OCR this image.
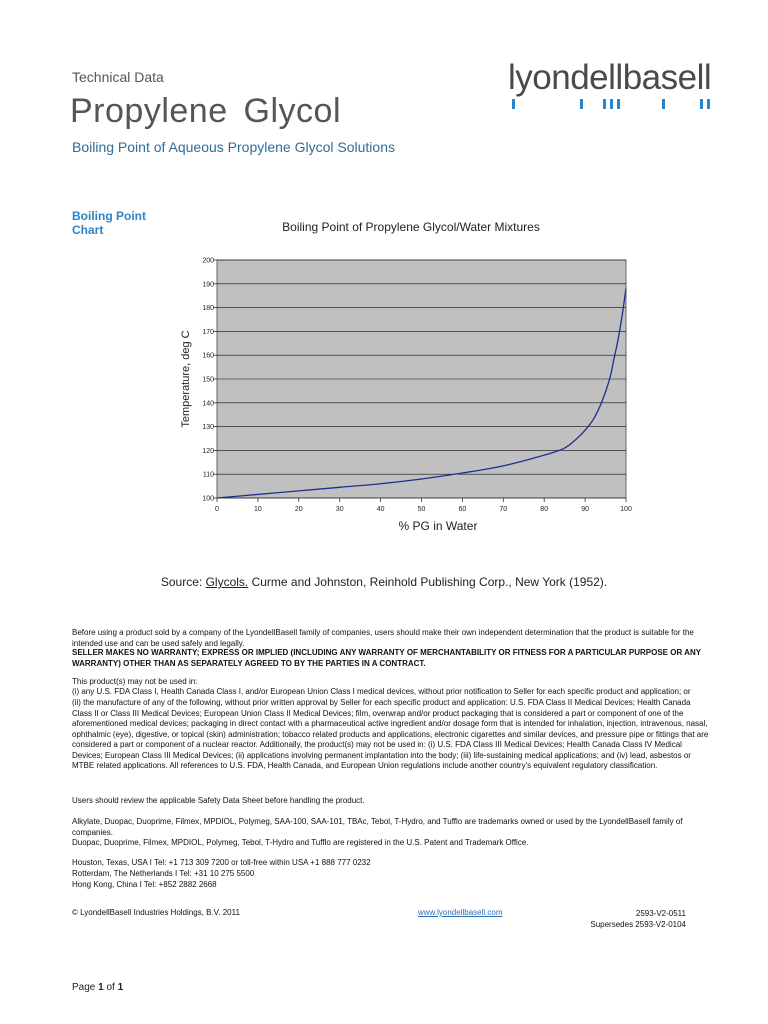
Technical Data
Propylene Glycol
Boiling Point of Aqueous Propylene Glycol Solutions
lyondellbasell
Boiling Point
Chart	Boiling Point of Propylene Glycol/Water Mixtures
100
110
120
130
140
150
160
170
180
190
200
0	10	20	30	40	50	60	70	80	90	100
Temperature, deg C
% PG in Water
Source: Glycols. Curme and Johnston, Reinhold Publishing Corp., New York (1952).
Before using a product sold by a company of the LyondellBasell family of companies, users should make their own independent determination that the product is suitable for the intended use and can be used safely and legally.
SELLER MAKES NO WARRANTY; EXPRESS OR IMPLIED (INCLUDING ANY WARRANTY OF MERCHANTABILITY OR FITNESS FOR A PARTICULAR PURPOSE OR ANY WARRANTY) OTHER THAN AS SEPARATELY AGREED TO BY THE PARTIES IN A CONTRACT.
This product(s) may not be used in:
(i) any U.S. FDA Class I, Health Canada Class I, and/or European Union Class I medical devices, without prior notification to Seller for each specific product and application; or
(ii) the manufacture of any of the following, without prior written approval by Seller for each specific product and application: U.S. FDA Class II Medical Devices; Health Canada Class II or Class III Medical Devices; European Union Class II Medical Devices; film, overwrap and/or product packaging that is considered a part or component of one of the aforementioned medical devices; packaging in direct contact with a pharmaceutical active ingredient and/or dosage form that is intended for inhalation, injection, intravenous, nasal, ophthalmic (eye), digestive, or topical (skin) administration; tobacco related products and applications, electronic cigarettes and similar devices, and pressure pipe or fittings that are considered a part or component of a nuclear reactor. Additionally, the product(s) may not be used in: (i) U.S. FDA Class III Medical Devices; Health Canada Class IV Medical Devices; European Class III Medical Devices; (ii) applications involving permanent implantation into the body; (iii) life-sustaining medical applications; and (iv) lead, asbestos or MTBE related applications. All references to U.S. FDA, Health Canada, and European Union regulations include another country's equivalent regulatory classification.
Users should review the applicable Safety Data Sheet before handling the product.
Alkylate, Duopac, Duoprime, Filmex, MPDIOL, Polymeg, SAA-100, SAA-101, TBAc, Tebol, T-Hydro, and Tufflo are trademarks owned or used by the LyondellBasell family of companies.
Duopac, Duoprime, Filmex, MPDIOL, Polymeg, Tebol, T-Hydro and Tufflo are registered in the U.S. Patent and Trademark Office.
Houston, Texas, USA I Tel: +1 713 309 7200 or toll-free within USA +1 888 777 0232
Rotterdam, The Netherlands I Tel: +31 10 275 5500
Hong Kong, China I Tel: +852 2882 2668
© LyondellBasell Industries Holdings, B.V. 2011	www.lyondellbasell.com	2593-V2-0511
Supersedes 2593-V2-0104
Page 1 of 1
